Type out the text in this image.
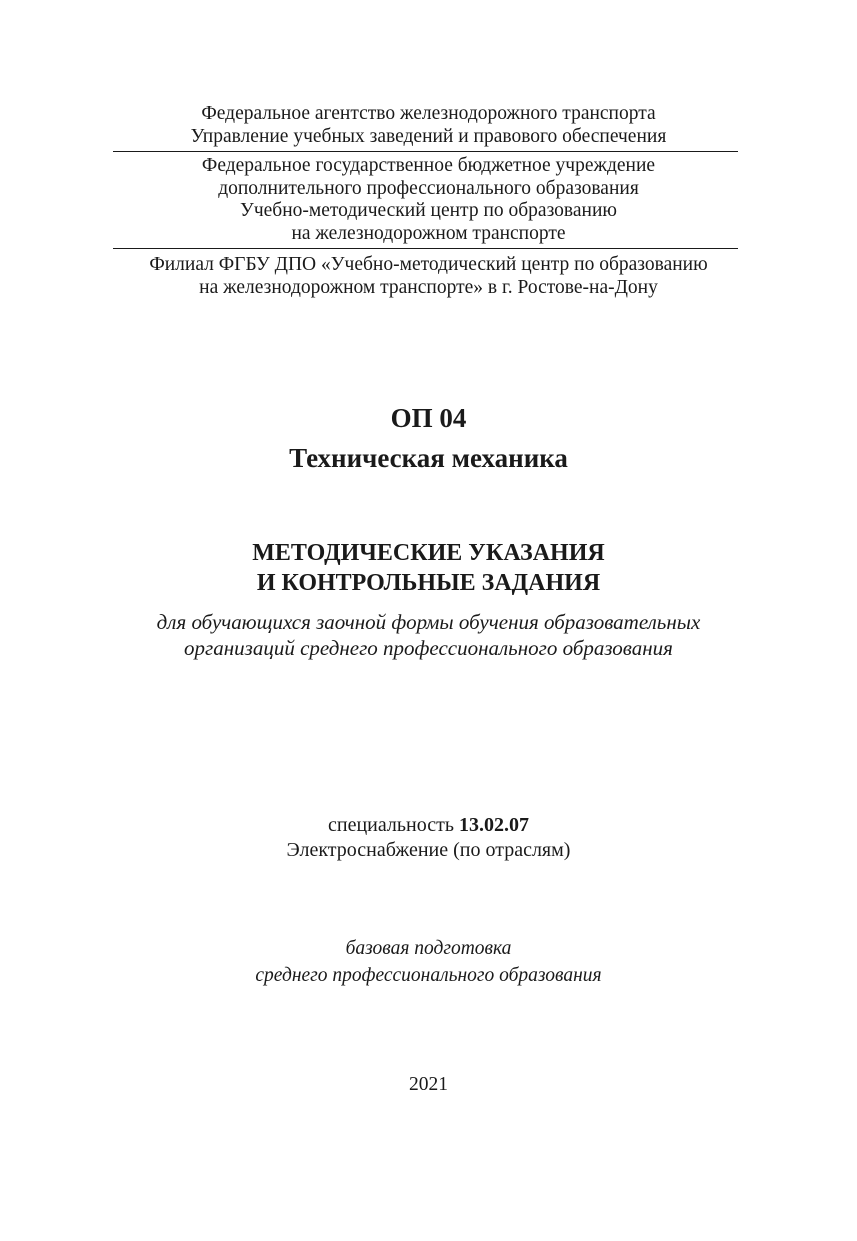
Федеральное агентство железнодорожного транспорта
Управление учебных заведений и правового обеспечения
Федеральное государственное бюджетное учреждение
дополнительного профессионального образования
Учебно-методический центр по образованию
на железнодорожном транспорте
Филиал ФГБУ ДПО «Учебно-методический центр по образованию
на железнодорожном транспорте» в г. Ростове-на-Дону
ОП 04
Техническая механика
МЕТОДИЧЕСКИЕ УКАЗАНИЯ
И КОНТРОЛЬНЫЕ ЗАДАНИЯ
для обучающихся заочной формы обучения образовательных
организаций среднего профессионального образования
специальность 13.02.07
Электроснабжение (по отраслям)
базовая подготовка
среднего профессионального образования
2021
